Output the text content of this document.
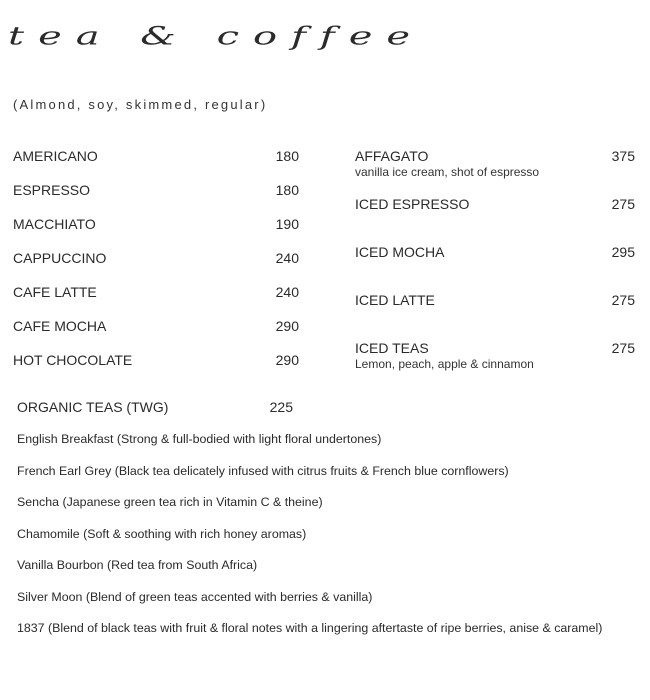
tea & coffee
(Almond, soy, skimmed, regular)
AMERICANO	180
ESPRESSO	180
MACCHIATO	190
CAPPUCCINO	240
CAFE LATTE	240
CAFE MOCHA	290
HOT CHOCOLATE	290
AFFAGATO	375
vanilla ice cream, shot of espresso
ICED ESPRESSO	275
ICED MOCHA	295
ICED LATTE	275
ICED TEAS	275
Lemon, peach, apple & cinnamon
ORGANIC TEAS (TWG)	225
English Breakfast (Strong & full-bodied with light floral undertones)
French Earl Grey (Black tea delicately infused with citrus fruits & French blue cornflowers)
Sencha (Japanese green tea rich in Vitamin C & theine)
Chamomile (Soft & soothing with rich honey aromas)
Vanilla Bourbon (Red tea from South Africa)
Silver Moon (Blend of green teas accented with berries & vanilla)
1837 (Blend of black teas with fruit & floral notes with a lingering aftertaste of ripe berries, anise & caramel)
